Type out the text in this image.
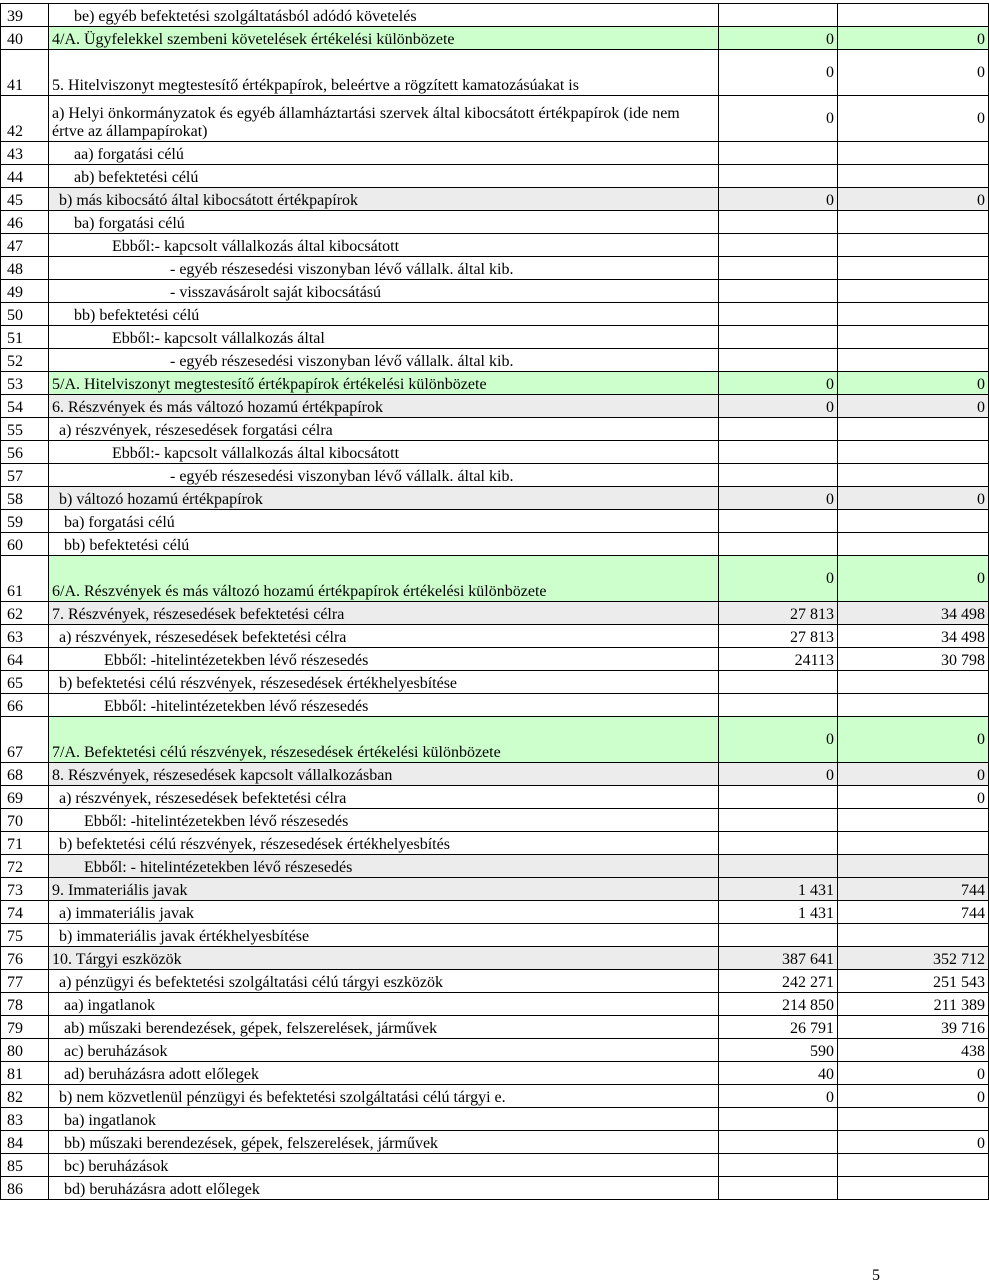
39	be) egyéb befektetési szolgáltatásból adódó követelés		
40	4/A. Ügyfelekkel szembeni követelések értékelési különbözete	0	0
41	5. Hitelviszonyt megtestesítő értékpapírok, beleértve a rögzített kamatozásúakat is	0	0
42	a) Helyi önkormányzatok és egyéb államháztartási szervek által kibocsátott értékpapírok (ide nem értve az állampapírokat)	0	0
43	aa) forgatási célú		
44	ab) befektetési célú		
45	b) más kibocsátó által kibocsátott értékpapírok	0	0
46	ba) forgatási célú		
47	Ebből:- kapcsolt vállalkozás által kibocsátott		
48	- egyéb részesedési viszonyban lévő vállalk. által kib.		
49	- visszavásárolt saját kibocsátású		
50	bb) befektetési célú		
51	Ebből:- kapcsolt vállalkozás által		
52	- egyéb részesedési viszonyban lévő vállalk. által kib.		
53	5/A. Hitelviszonyt megtestesítő értékpapírok értékelési különbözete	0	0
54	6. Részvények és más változó hozamú értékpapírok	0	0
55	a) részvények, részesedések forgatási célra		
56	Ebből:- kapcsolt vállalkozás által kibocsátott		
57	- egyéb részesedési viszonyban lévő vállalk. által kib.		
58	b) változó hozamú értékpapírok	0	0
59	ba) forgatási célú		
60	bb) befektetési célú		
61	6/A. Részvények és más változó hozamú értékpapírok értékelési különbözete	0	0
62	7. Részvények, részesedések befektetési célra	27 813	34 498
63	a) részvények, részesedések befektetési célra	27 813	34 498
64	Ebből: -hitelintézetekben lévő részesedés	24113	30 798
65	b) befektetési célú részvények, részesedések értékhelyesbítése		
66	Ebből: -hitelintézetekben lévő részesedés		
67	7/A. Befektetési célú részvények, részesedések értékelési különbözete	0	0
68	8. Részvények, részesedések kapcsolt vállalkozásban	0	0
69	a) részvények, részesedések befektetési célra		0
70	Ebből: -hitelintézetekben lévő részesedés		
71	b) befektetési célú részvények, részesedések értékhelyesbítés		
72	Ebből: - hitelintézetekben lévő részesedés		
73	9. Immateriális javak	1 431	744
74	a) immateriális javak	1 431	744
75	b) immateriális javak értékhelyesbítése		
76	10. Tárgyi eszközök	387 641	352 712
77	a) pénzügyi és befektetési szolgáltatási célú tárgyi eszközök	242 271	251 543
78	aa) ingatlanok	214 850	211 389
79	ab) műszaki berendezések, gépek, felszerelések, járművek	26 791	39 716
80	ac) beruházások	590	438
81	ad) beruházásra adott előlegek	40	0
82	b) nem közvetlenül pénzügyi és befektetési szolgáltatási célú tárgyi e.	0	0
83	ba) ingatlanok		
84	bb) műszaki berendezések, gépek, felszerelések, járművek		0
85	bc) beruházások		
86	bd) beruházásra adott előlegek		
5
